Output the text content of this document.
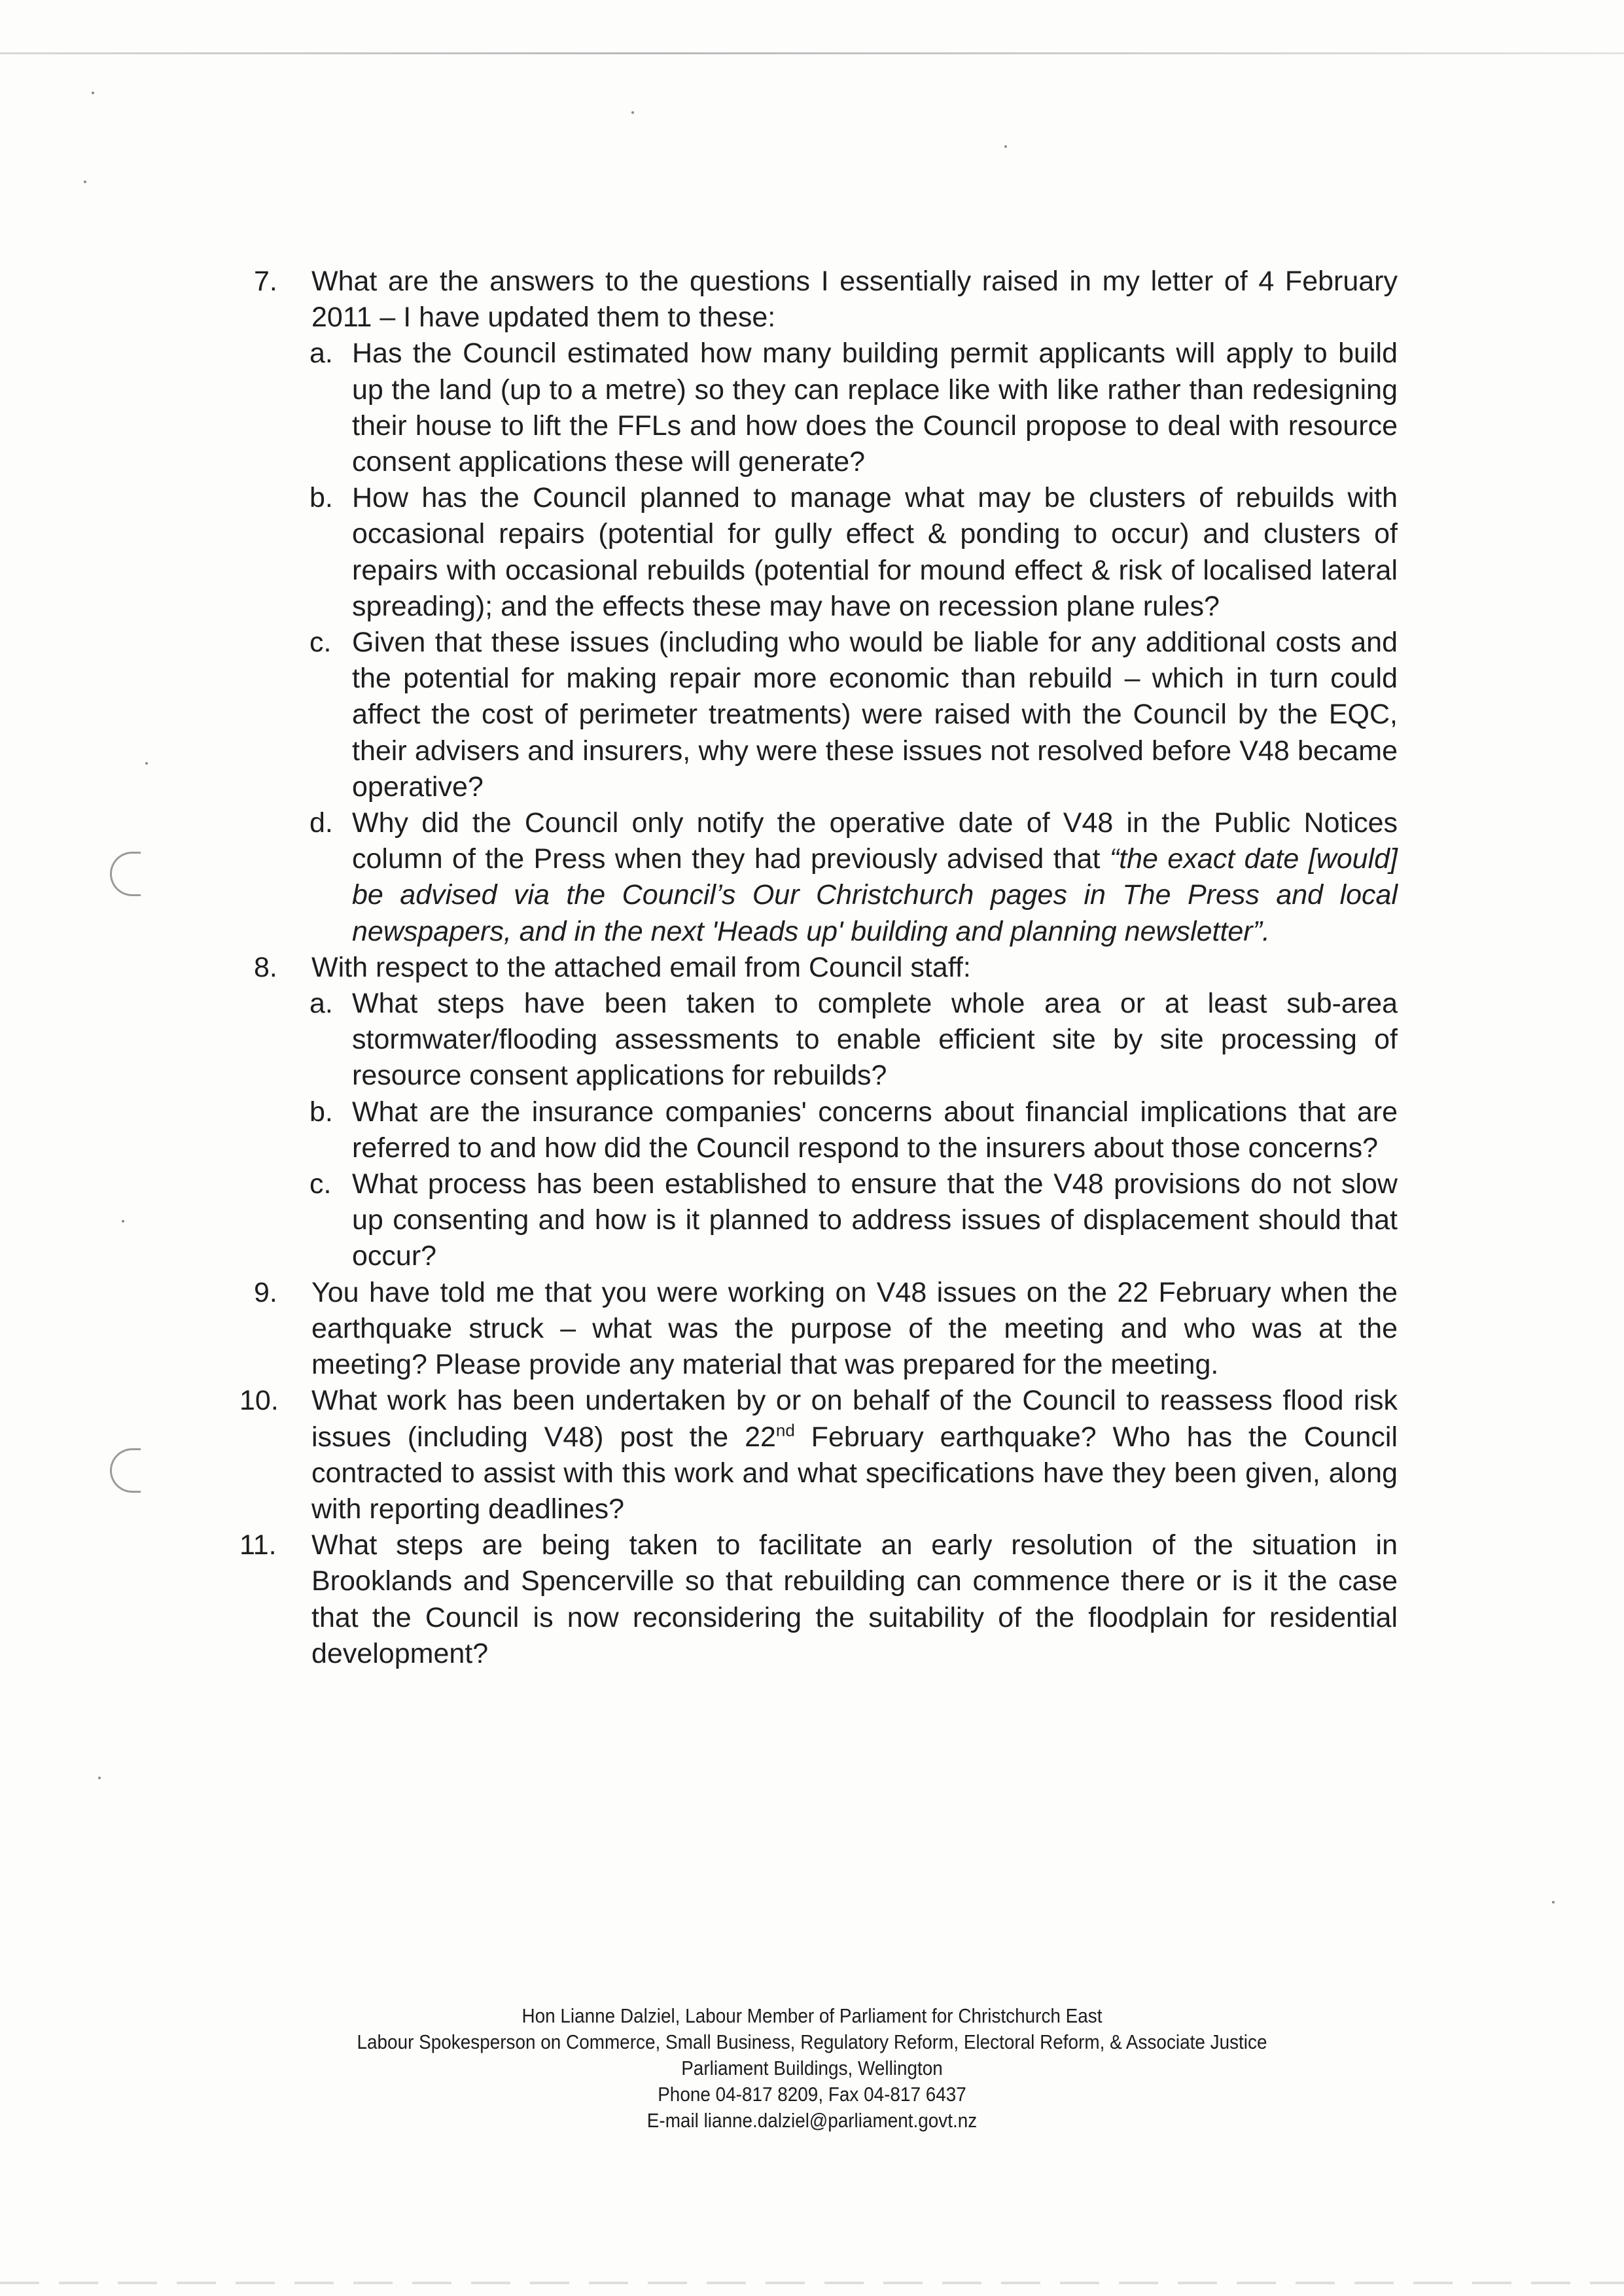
7.	What are the answers to the questions I essentially raised in my letter of 4 February 2011 – I have updated them to these:
a. Has the Council estimated how many building permit applicants will apply to build up the land (up to a metre) so they can replace like with like rather than redesigning their house to lift the FFLs and how does the Council propose to deal with resource consent applications these will generate?
b. How has the Council planned to manage what may be clusters of rebuilds with occasional repairs (potential for gully effect & ponding to occur) and clusters of repairs with occasional rebuilds (potential for mound effect & risk of localised lateral spreading); and the effects these may have on recession plane rules?
c. Given that these issues (including who would be liable for any additional costs and the potential for making repair more economic than rebuild – which in turn could affect the cost of perimeter treatments) were raised with the Council by the EQC, their advisers and insurers, why were these issues not resolved before V48 became operative?
d. Why did the Council only notify the operative date of V48 in the Public Notices column of the Press when they had previously advised that “the exact date [would] be advised via the Council’s Our Christchurch pages in The Press and local newspapers, and in the next 'Heads up' building and planning newsletter”.
8.	With respect to the attached email from Council staff:
a. What steps have been taken to complete whole area or at least sub-area stormwater/flooding assessments to enable efficient site by site processing of resource consent applications for rebuilds?
b. What are the insurance companies' concerns about financial implications that are referred to and how did the Council respond to the insurers about those concerns?
c. What process has been established to ensure that the V48 provisions do not slow up consenting and how is it planned to address issues of displacement should that occur?
9.	You have told me that you were working on V48 issues on the 22 February when the earthquake struck – what was the purpose of the meeting and who was at the meeting? Please provide any material that was prepared for the meeting.
10.	What work has been undertaken by or on behalf of the Council to reassess flood risk issues (including V48) post the 22nd February earthquake? Who has the Council contracted to assist with this work and what specifications have they been given, along with reporting deadlines?
11.	What steps are being taken to facilitate an early resolution of the situation in Brooklands and Spencerville so that rebuilding can commence there or is it the case that the Council is now reconsidering the suitability of the floodplain for residential development?
Hon Lianne Dalziel, Labour Member of Parliament for Christchurch East
Labour Spokesperson on Commerce, Small Business, Regulatory Reform, Electoral Reform, & Associate Justice
Parliament Buildings, Wellington
Phone 04-817 8209, Fax 04-817 6437
E-mail lianne.dalziel@parliament.govt.nz
